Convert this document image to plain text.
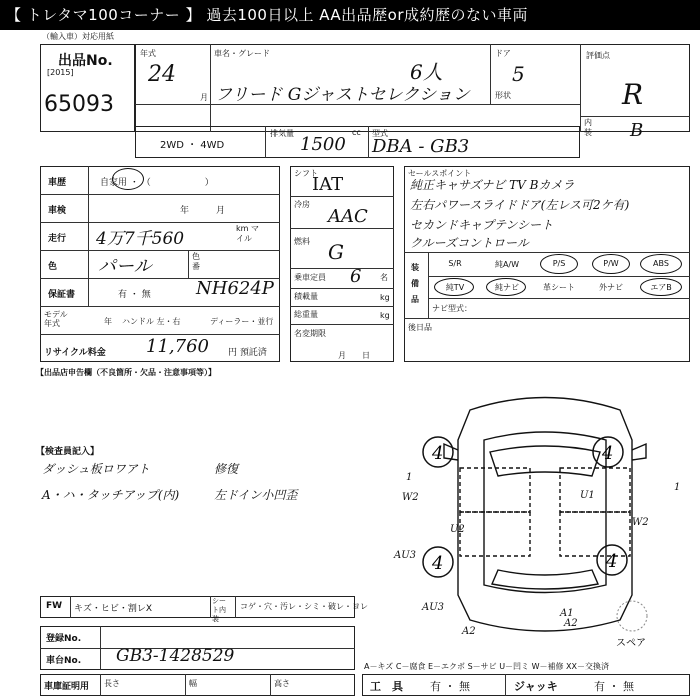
【 トレタマ100コーナー 】 過去100日以上 AA出品歴or成約歴のない車両
（輸入車）対応用紙
出品No.
[2015]
65093
年式
24
月
車名・グレード
6人
フリード Gジャストセレクション
ドア
5
形状
評価点
R
内装 B
2WD ・ 4WD
排気量
1500
cc 型式
DBA - GB3
車歴	自家用 ・ （　　　　　　）
車検	年　　　月
走行 4万7千560
km マイル
色 パール	色番
NH624P
保証書	有 ・ 無
モデル年式	年 ハンドル 左・右	ディーラー・並行
リサイクル料金 11,760 円 預託済
【出品店申告欄（不良箇所・欠品・注意事項等）】
シフト
IAT
冷房
AAC
燃料 G
乗車定員 6 名
積載量	kg
総重量	kg
名変期限
月　　日
セールスポイント
純正キャサズナビ TV Bカメラ
左右パワースライドドア(左レス可2ケ有)
セカンドキャプテンシート
クルーズコントロール
装備品
S/R	純A/W	P/S	P/W	ABS
純TV	純ナビ	革シート	外ナビ	エアB
ナビ型式：
後日品
【検査員記入】
ダッシュ板ロワアト
A・ハ・タッチアップ(内)
修復
左ドイン小凹歪
4	4
4	4
U1
U2
W2
W2
A1
A2
A2
AU3
AU3
1
1
スペア
A－キズ C－腐食 E－エクボ S－サビ U－凹ミ W－補修 XX－交換済
FW キズ・ヒビ・割レX
シート内装
コゲ・穴・汚レ・シミ・破レ・ヨレ
登録No.
車台No. GB3-1428529
車庫証明用 長さ	幅	高さ	工　具 有 ・ 無	ジャッキ	有 ・ 無
